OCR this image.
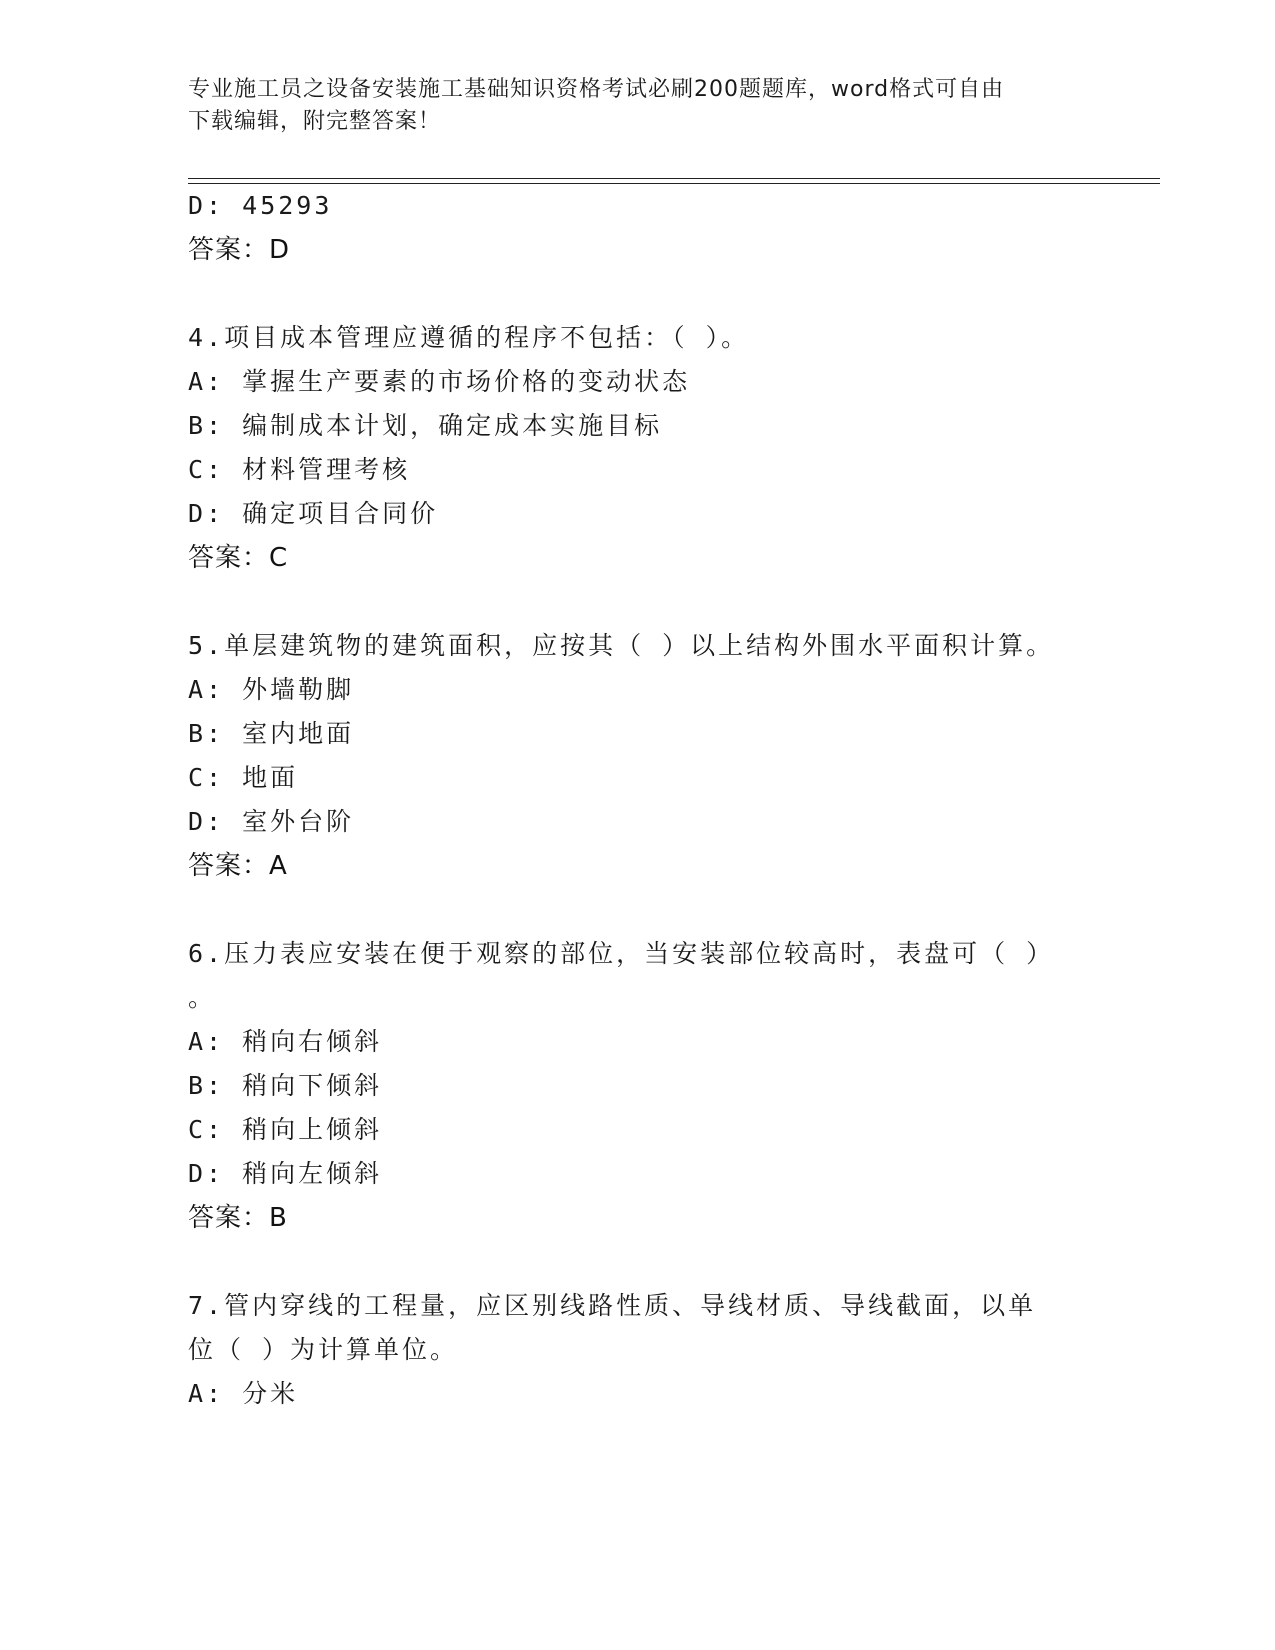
专业施工员之设备安装施工基础知识资格考试必刷200题题库，word格式可自由
下载编辑，附完整答案！
D: 45293
答案：D
4.项目成本管理应遵循的程序不包括：（ ）。
A: 掌握生产要素的市场价格的变动状态
B: 编制成本计划，确定成本实施目标
C: 材料管理考核
D: 确定项目合同价
答案：C
5.单层建筑物的建筑面积，应按其（ ）以上结构外围水平面积计算。
A: 外墙勒脚
B: 室内地面
C: 地面
D: 室外台阶
答案：A
6.压力表应安装在便于观察的部位，当安装部位较高时，表盘可（ ）
。
A: 稍向右倾斜
B: 稍向下倾斜
C: 稍向上倾斜
D: 稍向左倾斜
答案：B
7.管内穿线的工程量，应区别线路性质、导线材质、导线截面，以单
位（ ）为计算单位。
A: 分米
